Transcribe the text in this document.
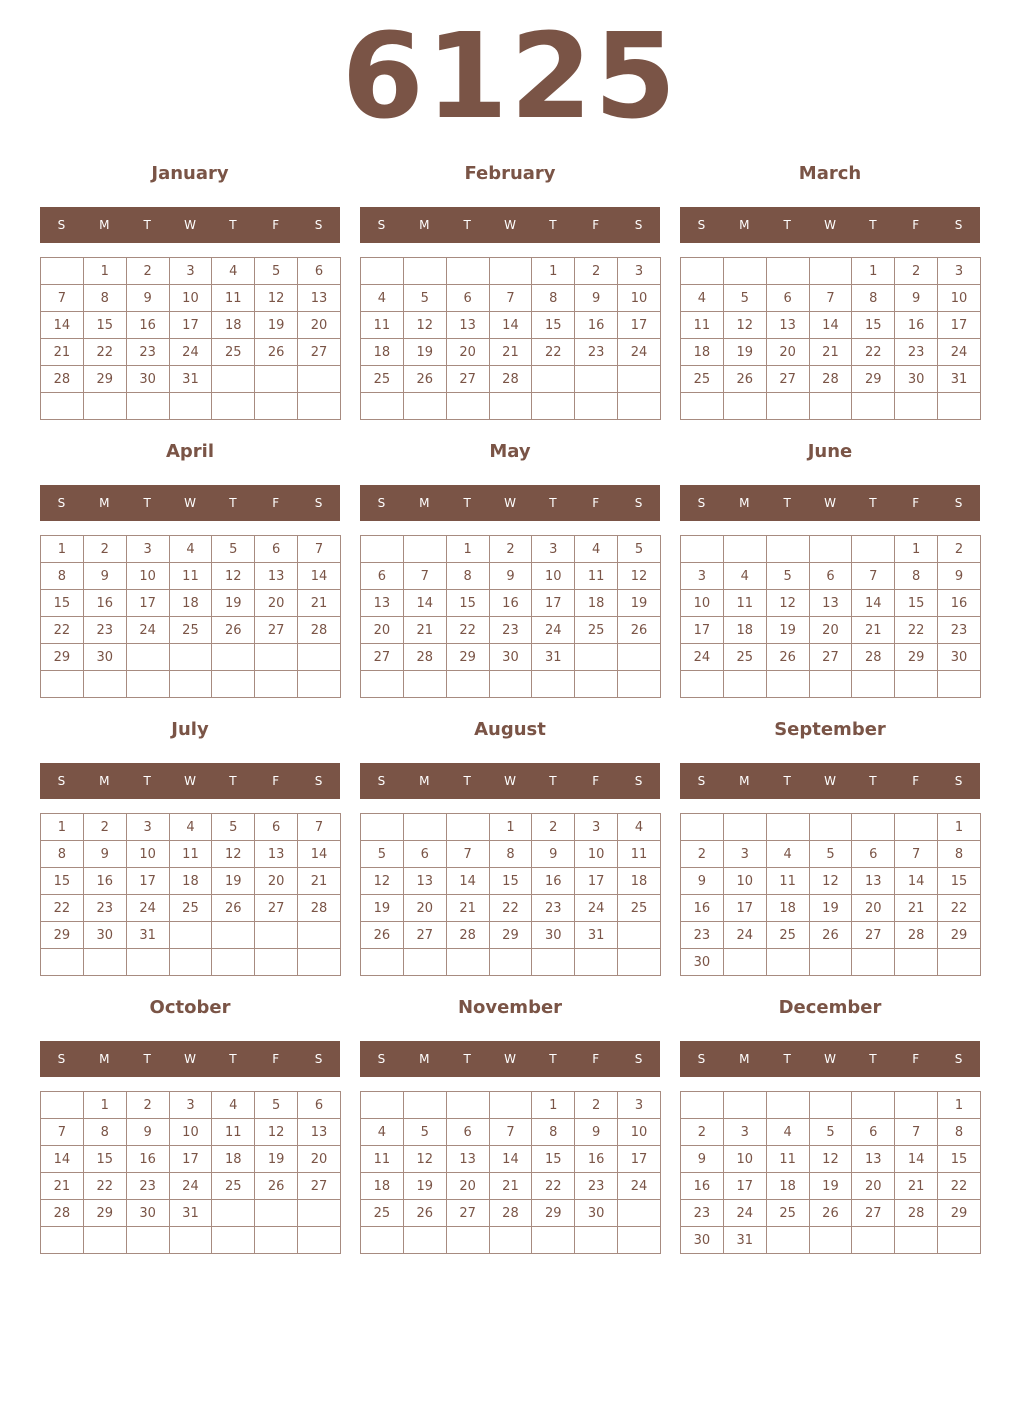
6125
January
S	M	T	W	T	F	S
	1	2	3	4	5	6
7	8	9	10	11	12	13
14	15	16	17	18	19	20
21	22	23	24	25	26	27
28	29	30	31			

February
S	M	T	W	T	F	S
				1	2	3
4	5	6	7	8	9	10
11	12	13	14	15	16	17
18	19	20	21	22	23	24
25	26	27	28			

March
S	M	T	W	T	F	S
				1	2	3
4	5	6	7	8	9	10
11	12	13	14	15	16	17
18	19	20	21	22	23	24
25	26	27	28	29	30	31

April
S	M	T	W	T	F	S
1	2	3	4	5	6	7
8	9	10	11	12	13	14
15	16	17	18	19	20	21
22	23	24	25	26	27	28
29	30					

May
S	M	T	W	T	F	S
		1	2	3	4	5
6	7	8	9	10	11	12
13	14	15	16	17	18	19
20	21	22	23	24	25	26
27	28	29	30	31		

June
S	M	T	W	T	F	S
					1	2
3	4	5	6	7	8	9
10	11	12	13	14	15	16
17	18	19	20	21	22	23
24	25	26	27	28	29	30

July
S	M	T	W	T	F	S
1	2	3	4	5	6	7
8	9	10	11	12	13	14
15	16	17	18	19	20	21
22	23	24	25	26	27	28
29	30	31				

August
S	M	T	W	T	F	S
			1	2	3	4
5	6	7	8	9	10	11
12	13	14	15	16	17	18
19	20	21	22	23	24	25
26	27	28	29	30	31	

September
S	M	T	W	T	F	S
						1
2	3	4	5	6	7	8
9	10	11	12	13	14	15
16	17	18	19	20	21	22
23	24	25	26	27	28	29
30						
October
S	M	T	W	T	F	S
	1	2	3	4	5	6
7	8	9	10	11	12	13
14	15	16	17	18	19	20
21	22	23	24	25	26	27
28	29	30	31			

November
S	M	T	W	T	F	S
				1	2	3
4	5	6	7	8	9	10
11	12	13	14	15	16	17
18	19	20	21	22	23	24
25	26	27	28	29	30	

December
S	M	T	W	T	F	S
						1
2	3	4	5	6	7	8
9	10	11	12	13	14	15
16	17	18	19	20	21	22
23	24	25	26	27	28	29
30	31					
